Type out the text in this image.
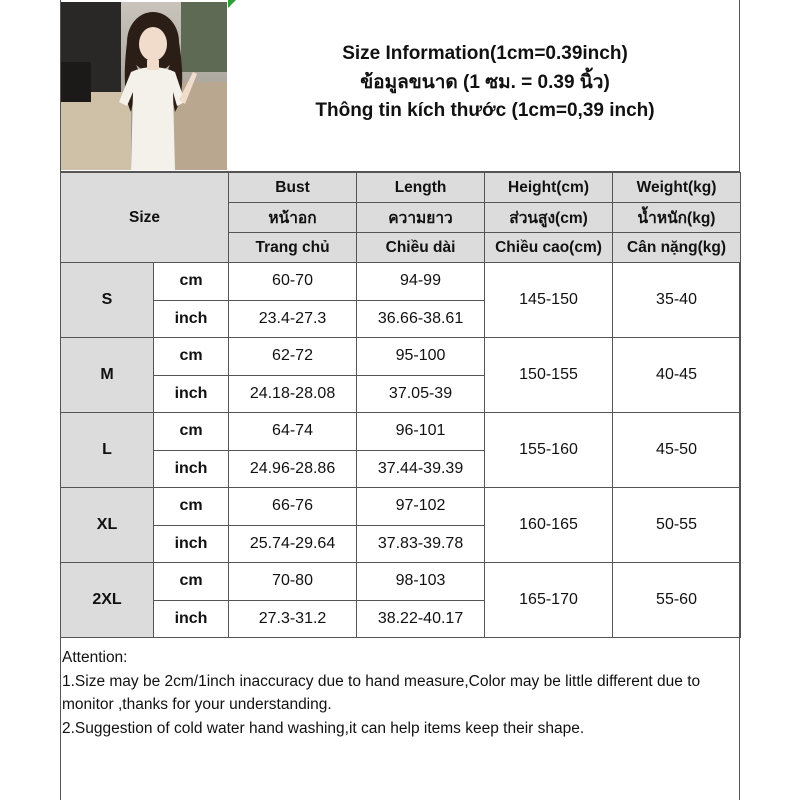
Size Information(1cm=0.39inch)
ข้อมูลขนาด (1 ซม. = 0.39 นิ้ว)
Thông tin kích thước (1cm=0,39 inch)
Size		Bust	Length	Height(cm)	Weight(kg)
		หน้าอก	ความยาว	ส่วนสูง(cm)	น้ำหนัก(kg)
		Trang chủ	Chiều dài	Chiều cao(cm)	Cân nặng(kg)
S	cm	60-70	94-99	145-150	35-40
	inch	23.4-27.3	36.66-38.61		
M	cm	62-72	95-100	150-155	40-45
	inch	24.18-28.08	37.05-39		
L	cm	64-74	96-101	155-160	45-50
	inch	24.96-28.86	37.44-39.39		
XL	cm	66-76	97-102	160-165	50-55
	inch	25.74-29.64	37.83-39.78		
2XL	cm	70-80	98-103	165-170	55-60
	inch	27.3-31.2	38.22-40.17		

Attention:

1.Size may be 2cm/1inch inaccuracy due to hand measure,Color may be little different due to monitor ,thanks for your understanding.

2.Suggestion of cold water hand washing,it can help items keep their shape.
